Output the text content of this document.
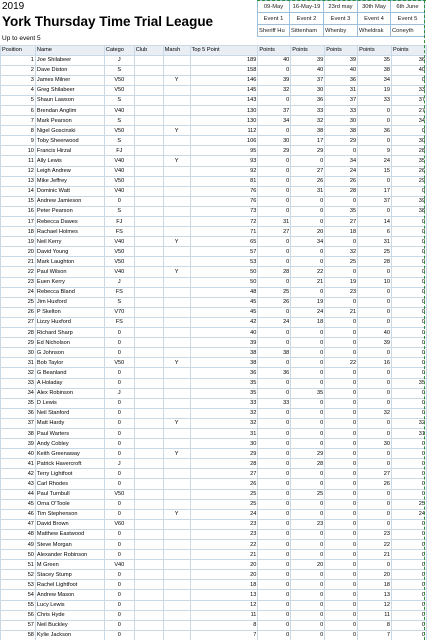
2019
York Thursday Time Trial League
Up to event 5
09-May	16-May-19	23rd may	30th May	6th June
Event 1	Event 2	Event 3	Event 4	Event 5
Sheriff Hu	Sittenham	Whenby	Wheldrak	Coneyth
Position	Name	Catego	Club	Marsh	Top 5 Point	Points	Points	Points	Points	Points
1	Joe Shilabeer	J			189	40	39	39	35	36
2	Dave Diston	S			158	0	40	40	38	40
3	James Milner	V50		Y	146	39	37	36	34	0
4	Greg Shilabeer	V50			145	32	30	31	19	33
5	Shaun Lawson	S			143	0	36	37	33	37
6	Brendan Anglim	V40			130	37	33	33	0	27
7	Mark Pearson	S			130	34	32	30	0	34
8	Nigel Goscinski	V50		Y	112	0	38	38	36	0
9	Toby Sheerwood	S			106	30	17	29	0	30
10	Francis Hirzal	FJ			95	29	29	0	9	28
11	Ally Lewis	V40		Y	93	0	0	34	24	35
12	Leigh Andrew	V40			92	0	27	24	15	26
13	Mike Jeffrey	V50			81	0	26	26	0	29
14	Dominic Watt	V40			76	0	31	28	17	0
15	Andrew Jamieson	0			76	0	0	0	37	39
16	Peter Pearson	S			73	0	0	35	0	38
17	Rebecca Dawes	FJ			72	31	0	27	14	0
18	Rachael Holmes	FS			71	27	20	18	6	0
19	Neil Kerry	V40		Y	65	0	34	0	31	0
20	David Young	V50			57	0	0	32	25	0
21	Mark Laughton	V50			53	0	0	25	28	0
22	Paul Wilson	V40		Y	50	28	22	0	0	0
23	Euen Kerry	J			50	0	21	19	10	0
24	Rebecca Bland	FS			48	25	0	23	0	0
25	Jim Huxford	S			45	26	19	0	0	0
26	P Skelton	V70			45	0	24	21	0	0
27	Lizzy Huxford	FS			42	24	18	0	0	0
28	Richard Sharp	0			40	0	0	0	40	0
29	Ed Nicholson	0			39	0	0	0	39	0
30	G Johnson	0			38	38	0	0	0	0
31	Bob Taylor	V50		Y	38	0	0	22	16	0
32	G Beanland	0			36	36	0	0	0	0
33	A Holaday	0			35	0	0	0	0	35
34	Alex Robinson	J			35	0	35	0	0	0
35	D Lewis	0			33	33	0	0	0	0
36	Neil Stanford	0			32	0	0	0	32	0
37	Matt Hardy	0		Y	32	0	0	0	0	32
38	Paul Warters	0			31	0	0	0	0	31
39	Andy Cobley	0			30	0	0	0	30	0
40	Keith Greenaway	0		Y	29	0	29	0	0	0
41	Patrick Havercroft	J			28	0	28	0	0	0
42	Terry Lightfoot	0			27	0	0	0	27	0
43	Carl Rhodes	0			26	0	0	0	26	0
44	Paul Turnbull	V50			25	0	25	0	0	0
45	Orna O'Toole	0			25	0	0	0	0	25
46	Tim Stephenson	0		Y	24	0	0	0	0	24
47	David Brown	V60			23	0	23	0	0	0
48	Matthew Eastwood	0			23	0	0	0	23	0
49	Steve Morgan	0			22	0	0	0	22	0
50	Alexander Robinson	0			21	0	0	0	21	0
51	M Green	V40			20	0	20	0	0	0
52	Stacey Stump	0			20	0	0	0	20	0
53	Rachel Lightfoot	0			18	0	0	0	18	0
54	Andrew Mason	0			13	0	0	0	13	0
55	Lucy Lewis	0			12	0	0	0	12	0
56	Chris Hyde	0			11	0	0	0	11	0
57	Neil Buckley	0			8	0	0	0	8	0
58	Kylie Jackson	0			7	0	0	0	7	0
